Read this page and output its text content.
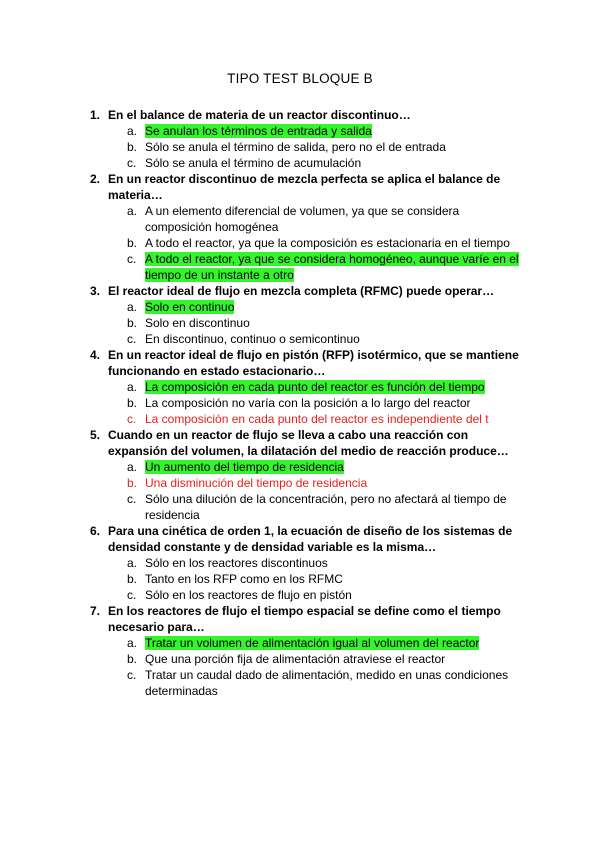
TIPO TEST BLOQUE B
1. En el balance de materia de un reactor discontinuo…
a. Se anulan los términos de entrada y salida
b. Sólo se anula el término de salida, pero no el de entrada
c. Sólo se anula el término de acumulación
2. En un reactor discontinuo de mezcla perfecta se aplica el balance de materia…
a. A un elemento diferencial de volumen, ya que se considera composición homogénea
b. A todo el reactor, ya que la composición es estacionaria en el tiempo
c. A todo el reactor, ya que se considera homogéneo, aunque varíe en el tiempo de un instante a otro
3. El reactor ideal de flujo en mezcla completa (RFMC) puede operar…
a. Solo en continuo
b. Solo en discontinuo
c. En discontinuo, continuo o semicontinuo
4. En un reactor ideal de flujo en pistón (RFP) isotérmico, que se mantiene funcionando en estado estacionario…
a. La composición en cada punto del reactor es función del tiempo
b. La composición no varía con la posición a lo largo del reactor
c. La composición en cada punto del reactor es independiente del t
5. Cuando en un reactor de flujo se lleva a cabo una reacción con expansión del volumen, la dilatación del medio de reacción produce…
a. Un aumento del tiempo de residencia
b. Una disminución del tiempo de residencia
c. Sólo una dilución de la concentración, pero no afectará al tiempo de residencia
6. Para una cinética de orden 1, la ecuación de diseño de los sistemas de densidad constante y de densidad variable es la misma…
a. Sólo en los reactores discontinuos
b. Tanto en los RFP como en los RFMC
c. Sólo en los reactores de flujo en pistón
7. En los reactores de flujo el tiempo espacial se define como el tiempo necesario para…
a. Tratar un volumen de alimentación igual al volumen del reactor
b. Que una porción fija de alimentación atraviese el reactor
c. Tratar un caudal dado de alimentación, medido en unas condiciones determinadas
